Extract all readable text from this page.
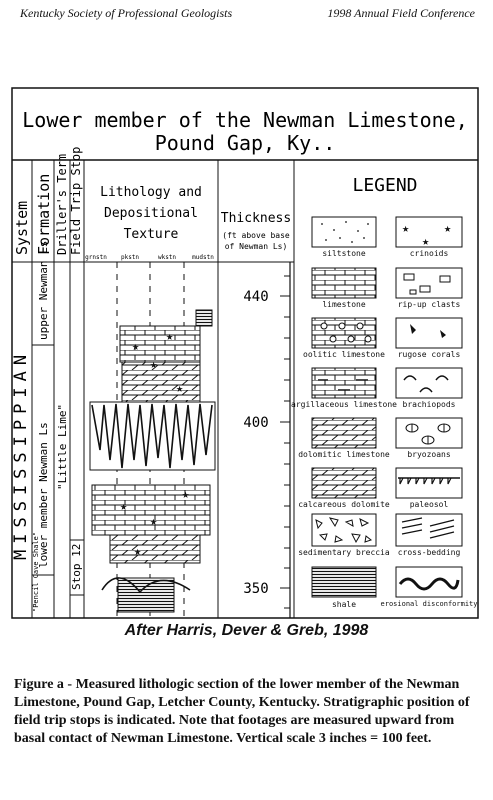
Kentucky Society of Professional Geologists	1998 Annual Field Conference
Lower member of the Newman Limestone,
Pound Gap, Ky..
System Formation Driller's Term Field Trip Stop Lithology and
Depositional
Texture
grnstn pkstn	wkstn	mudstn
Thickness
(ft above base
of Newman Ls)
MISSISSIPPIAN
upper Newman Ls
lower member Newman Ls
"Pencil Cave Shale"
"Little Lime"
Stop 12
★
★
★
★
★
★
★
★
440
400
350
LEGEND
siltstone
limestone
oolitic limestone
argillaceous limestone
dolomitic limestone
calcareous dolomite
sedimentary breccia
shale
★	★
★
crinoids
rip-up clasts
rugose corals
brachiopods
bryozoans
paleosol
cross-bedding
erosional disconformity
After Harris, Dever & Greb, 1998
Figure a - Measured lithologic section of the lower member of the Newman Limestone, Pound Gap, Letcher County, Kentucky. Stratigraphic position of field trip stops is indicated. Note that footages are measured upward from basal contact of Newman Limestone. Vertical scale 3 inches = 100 feet.
